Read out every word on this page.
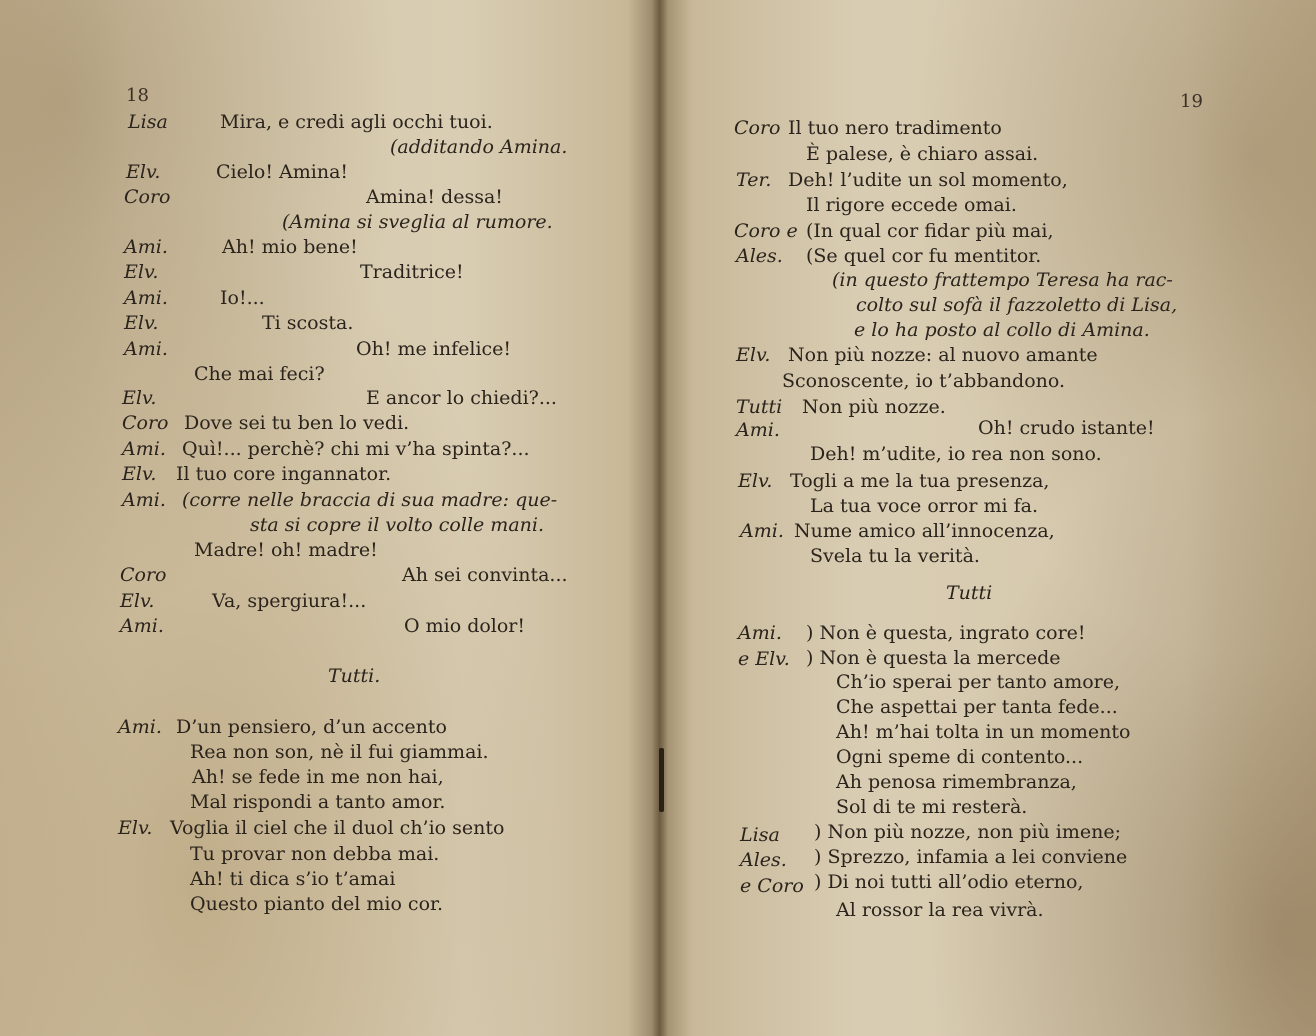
18
Lisa	Mira, e credi agli occhi tuoi.
(additando Amina.
Elv.	Cielo! Amina!
Coro	Amina! dessa!
(Amina si sveglia al rumore.
Ami.	Ah! mio bene!
Elv.	Traditrice!
Ami.	Io!...
Elv.	Ti scosta.
Ami.	Oh! me infelice!
Che mai feci?
Elv.	E ancor lo chiedi?...
Coro Dove sei tu ben lo vedi.
Ami. Quì!... perchè? chi mi v’ha spinta?...
Elv. Il tuo core ingannator.
Ami. (corre nelle braccia di sua madre: que-
sta si copre il volto colle mani.
Madre! oh! madre!
Coro	Ah sei convinta...
Elv.	Va, spergiura!...
Ami.	O mio dolor!
Tutti.
Ami. D’un pensiero, d’un accento
Rea non son, nè il fui giammai.
Ah! se fede in me non hai,
Mal rispondi a tanto amor.
Elv. Voglia il ciel che il duol ch’io sento
Tu provar non debba mai.
Ah! ti dica s’io t’amai
Questo pianto del mio cor.
19
Coro Il tuo nero tradimento
È palese, è chiaro assai.
Ter. Deh! l’udite un sol momento,
Il rigore eccede omai.
Coro e (In qual cor fidar più mai,
Ales. (Se quel cor fu mentitor.
(in questo frattempo Teresa ha rac-
colto sul sofà il fazzoletto di Lisa,
e lo ha posto al collo di Amina.
Elv. Non più nozze: al nuovo amante
Sconoscente, io t’abbandono.
Tutti Non più nozze.
Ami.	Oh! crudo istante!
Deh! m’udite, io rea non sono.
Elv. Togli a me la tua presenza,
La tua voce orror mi fa.
Ami. Nume amico all’innocenza,
Svela tu la verità.
Tutti
Ami. ) Non è questa, ingrato core!
e Elv. ) Non è questa la mercede
Ch’io sperai per tanto amore,
Che aspettai per tanta fede...
Ah! m’hai tolta in un momento
Ogni speme di contento...
Ah penosa rimembranza,
Sol di te mi resterà.
Lisa ) Non più nozze, non più imene;
Ales. ) Sprezzo, infamia a lei conviene
e Coro ) Di noi tutti all’odio eterno,
Al rossor la rea vivrà.
